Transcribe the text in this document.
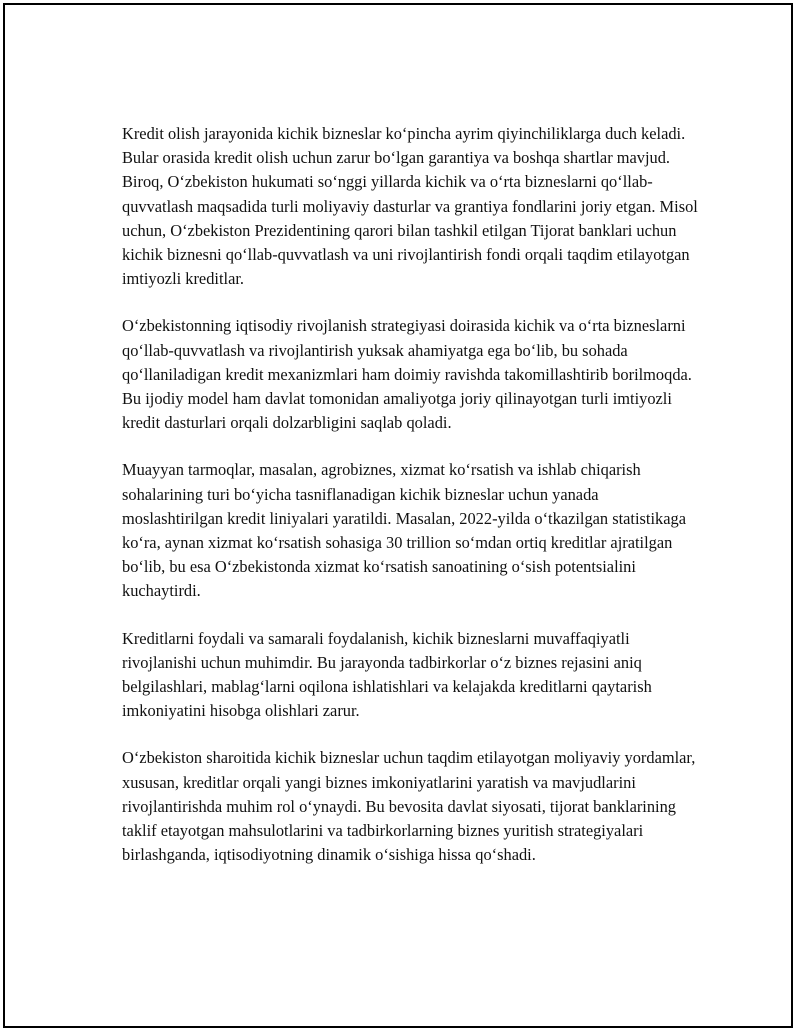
Kredit olish jarayonida kichik bizneslar ko‘pincha ayrim qiyinchiliklarga duch keladi. Bular orasida kredit olish uchun zarur bo‘lgan garantiya va boshqa shartlar mavjud. Biroq, O‘zbekiston hukumati so‘nggi yillarda kichik va o‘rta bizneslarni qo‘llab-quvvatlash maqsadida turli moliyaviy dasturlar va grantiya fondlarini joriy etgan. Misol uchun, O‘zbekiston Prezidentining qarori bilan tashkil etilgan Tijorat banklari uchun kichik biznesni qo‘llab-quvvatlash va uni rivojlantirish fondi orqali taqdim etilayotgan imtiyozli kreditlar.

O‘zbekistonning iqtisodiy rivojlanish strategiyasi doirasida kichik va o‘rta bizneslarni qo‘llab-quvvatlash va rivojlantirish yuksak ahamiyatga ega bo‘lib, bu sohada qo‘llaniladigan kredit mexanizmlari ham doimiy ravishda takomillashtirib borilmoqda. Bu ijodiy model ham davlat tomonidan amaliyotga joriy qilinayotgan turli imtiyozli kredit dasturlari orqali dolzarbligini saqlab qoladi.

Muayyan tarmoqlar, masalan, agrobiznes, xizmat ko‘rsatish va ishlab chiqarish sohalarining turi bo‘yicha tasniflanadigan kichik bizneslar uchun yanada moslashtirilgan kredit liniyalari yaratildi. Masalan, 2022-yilda o‘tkazilgan statistikaga ko‘ra, aynan xizmat ko‘rsatish sohasiga 30 trillion so‘mdan ortiq kreditlar ajratilgan bo‘lib, bu esa O‘zbekistonda xizmat ko‘rsatish sanoatining o‘sish potentsialini kuchaytirdi.

Kreditlarni foydali va samarali foydalanish, kichik bizneslarni muvaffaqiyatli rivojlanishi uchun muhimdir. Bu jarayonda tadbirkorlar o‘z biznes rejasini aniq belgilashlari, mablag‘larni oqilona ishlatishlari va kelajakda kreditlarni qaytarish imkoniyatini hisobga olishlari zarur.

O‘zbekiston sharoitida kichik bizneslar uchun taqdim etilayotgan moliyaviy yordamlar, xususan, kreditlar orqali yangi biznes imkoniyatlarini yaratish va mavjudlarini rivojlantirishda muhim rol o‘ynaydi. Bu bevosita davlat siyosati, tijorat banklarining taklif etayotgan mahsulotlarini va tadbirkorlarning biznes yuritish strategiyalari birlashganda, iqtisodiyotning dinamik o‘sishiga hissa qo‘shadi.
